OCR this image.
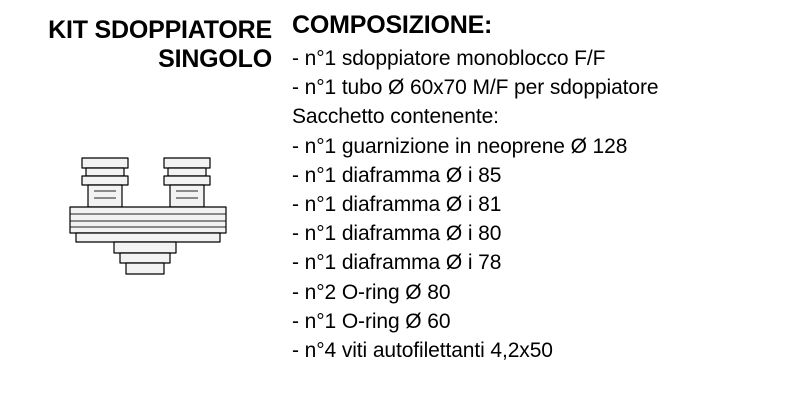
KIT SDOPPIATORE
SINGOLO
COMPOSIZIONE:
- n°1 sdoppiatore monoblocco F/F
- n°1 tubo Ø 60x70 M/F per sdoppiatore
Sacchetto contenente:
- n°1 guarnizione in neoprene Ø 128
- n°1 diaframma Ø i 85
- n°1 diaframma Ø i 81
- n°1 diaframma Ø i 80
- n°1 diaframma Ø i 78
- n°2 O-ring Ø 80
- n°1 O-ring Ø 60
- n°4 viti autofilettanti 4,2x50
